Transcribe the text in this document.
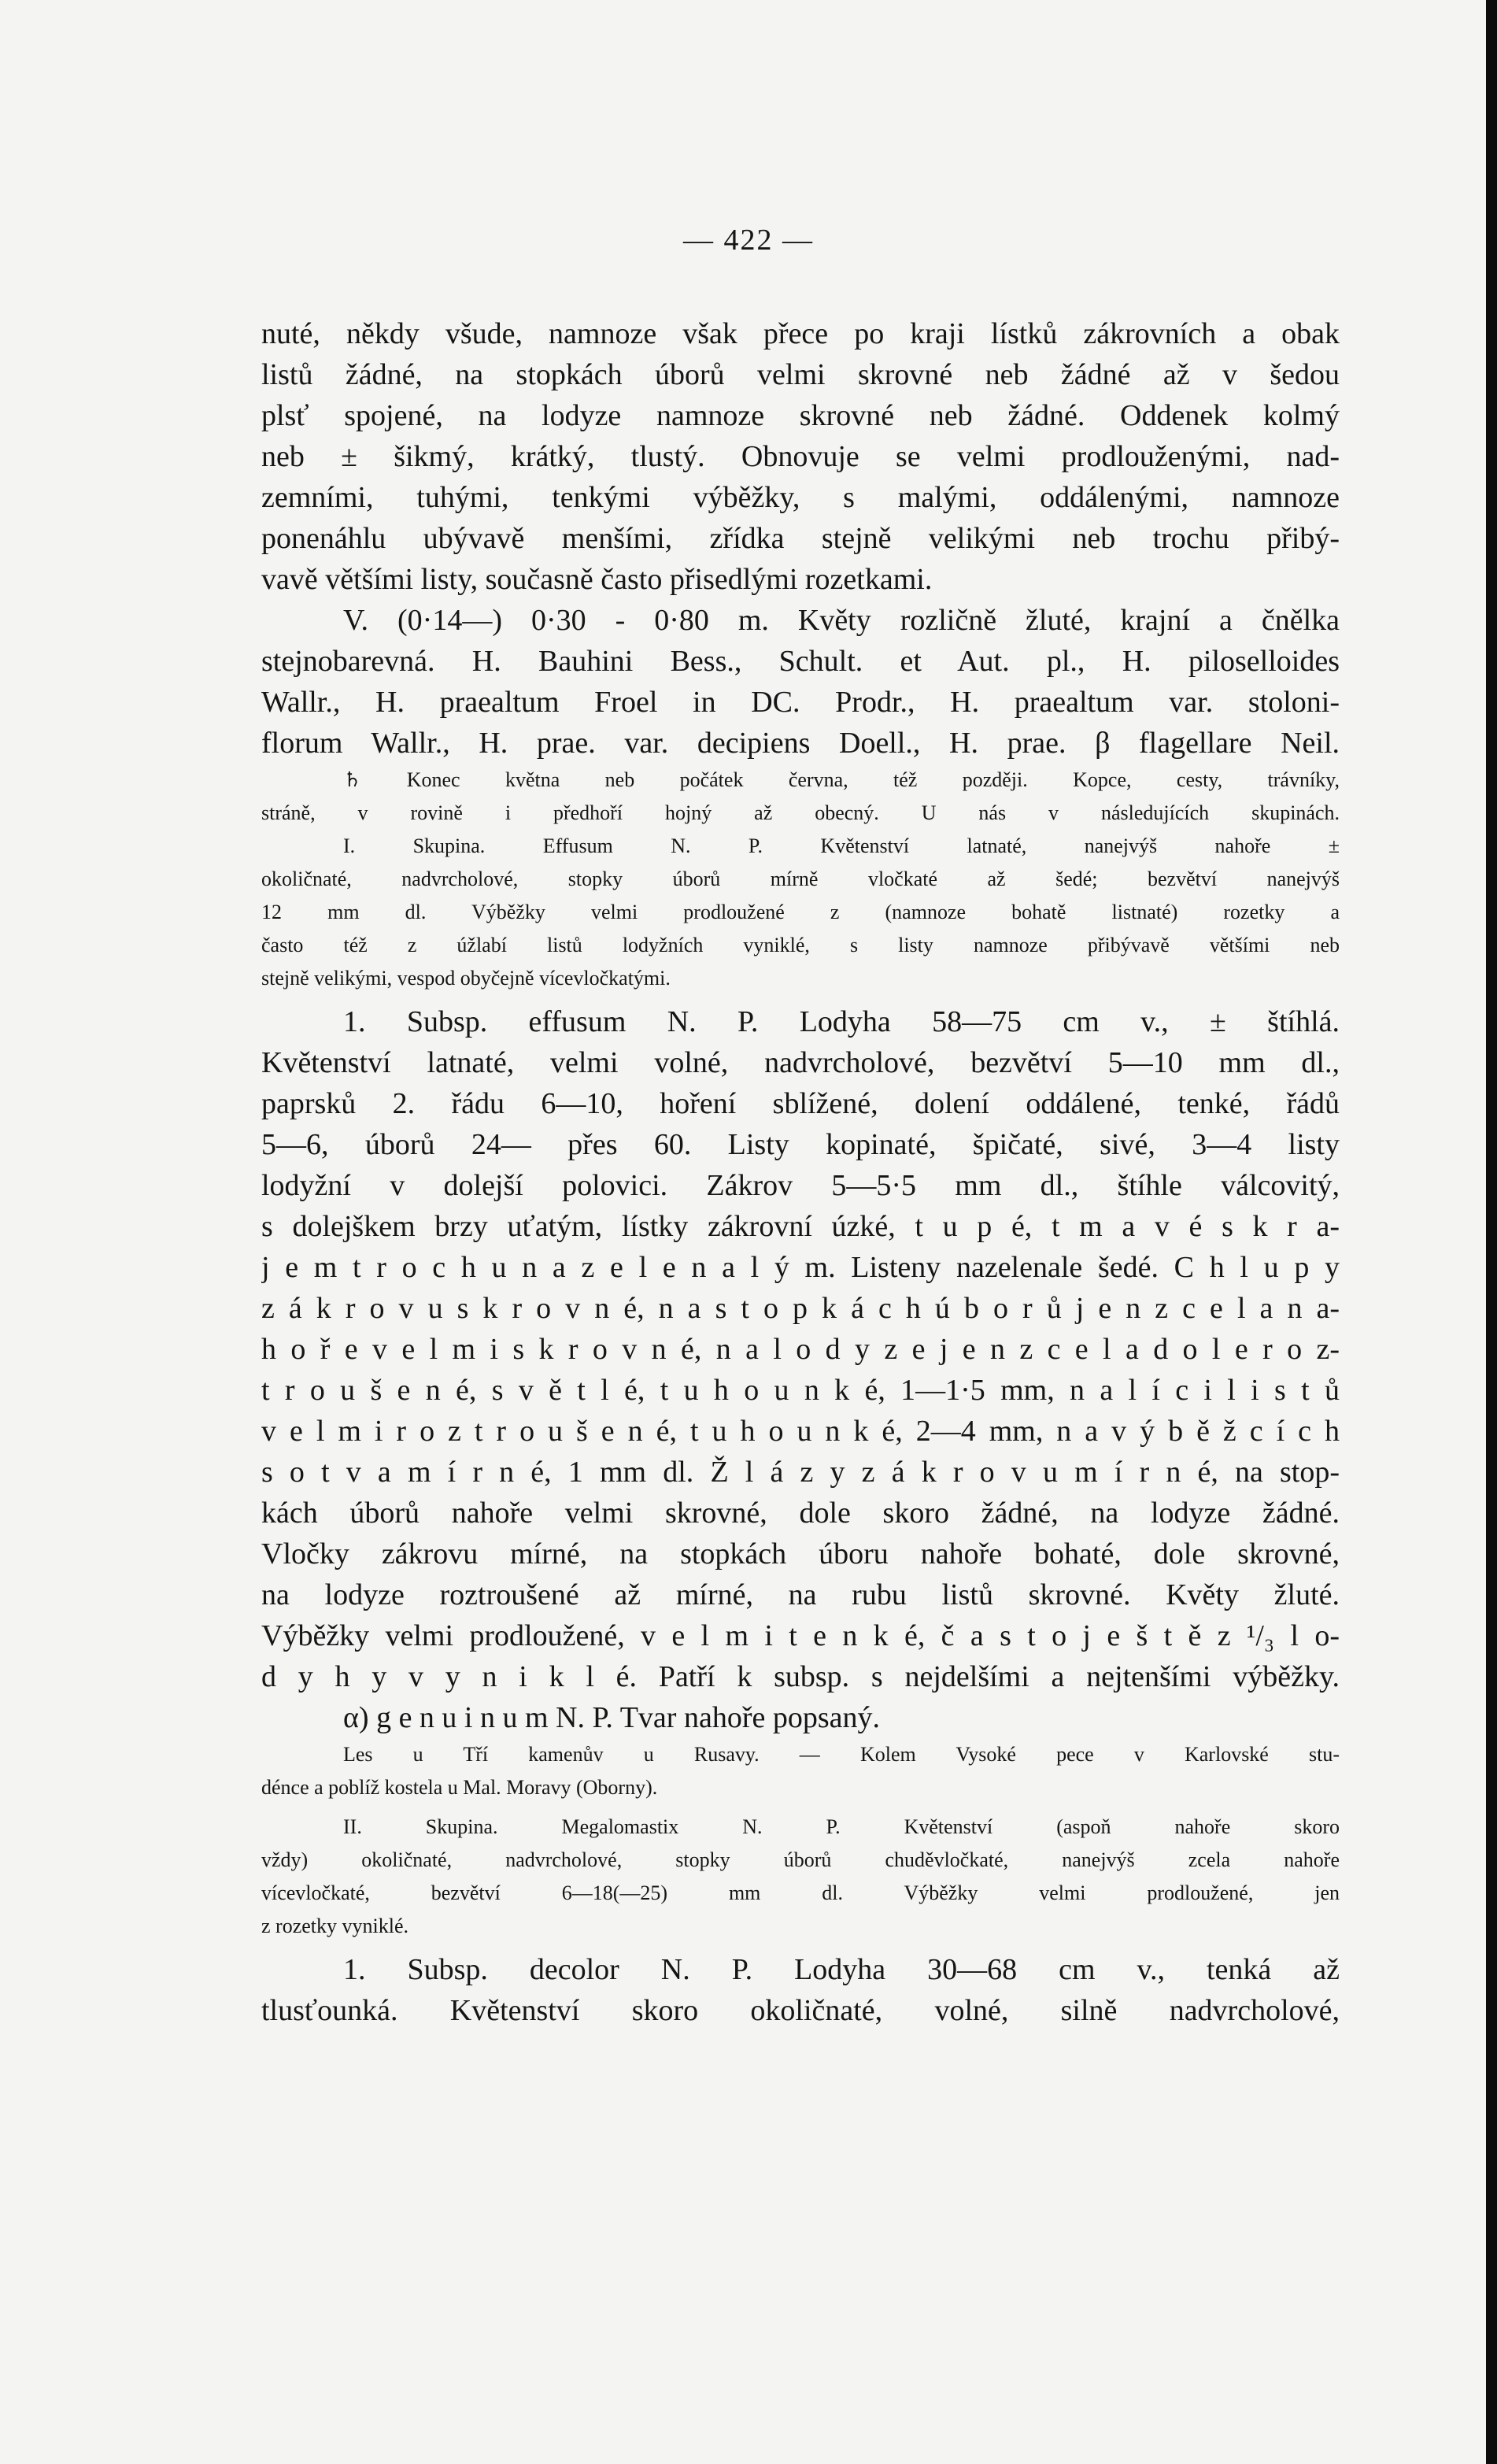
— 422 —
nuté, někdy všude, namnoze však přece po kraji lístků zákrovních a obak
listů žádné, na stopkách úborů velmi skrovné neb žádné až v šedou
plsť spojené, na lodyze namnoze skrovné neb žádné. Oddenek kolmý
neb ± šikmý, krátký, tlustý. Obnovuje se velmi prodlouženými, nad-
zemními, tuhými, tenkými výběžky, s malými, oddálenými, namnoze
ponenáhlu ubývavě menšími, zřídka stejně velikými neb trochu přibý-
vavě většími listy, současně často přisedlými rozetkami.
V. (0·14—) 0·30 - 0·80 m. Květy rozličně žluté, krajní a čnělka
stejnobarevná. H. Bauhini Bess., Schult. et Aut. pl., H. piloselloides
Wallr., H. praealtum Froel in DC. Prodr., H. praealtum var. stoloni-
florum Wallr., H. prae. var. decipiens Doell., H. prae. β flagellare Neil.
♄ Konec května neb počátek června, též později. Kopce, cesty, trávníky,
stráně, v rovině i předhoří hojný až obecný. U nás v následujících skupinách.
I. Skupina. Effusum N. P. Květenství latnaté, nanejvýš nahoře ±
okoličnaté, nadvrcholové, stopky úborů mírně vločkaté až šedé; bezvětví nanejvýš
12 mm dl. Výběžky velmi prodloužené z (namnoze bohatě listnaté) rozetky a
často též z úžlabí listů lodyžních vyniklé, s listy namnoze přibývavě většími neb
stejně velikými, vespod obyčejně vícevločkatými.
1. Subsp. effusum N. P. Lodyha 58—75 cm v., ± štíhlá.
Květenství latnaté, velmi volné, nadvrcholové, bezvětví 5—10 mm dl.,
paprsků 2. řádu 6—10, hoření sblížené, dolení oddálené, tenké, řádů
5—6, úborů 24— přes 60. Listy kopinaté, špičaté, sivé, 3—4 listy
lodyžní v dolejší polovici. Zákrov 5—5·5 mm dl., štíhle válcovitý,
s dolejškem brzy uťatým, lístky zákrovní úzké, t u p é, t m a v é s k r a-
j e m t r o c h u n a z e l e n a l ý m. Listeny nazelenale šedé. C h l u p y
z á k r o v u s k r o v n é, n a s t o p k á c h ú b o r ů j e n z c e l a n a-
h o ř e v e l m i s k r o v n é, n a l o d y z e j e n z c e l a d o l e r o z-
t r o u š e n é, s v ě t l é, t u h o u n k é, 1—1·5 mm, n a l í c i l i s t ů
v e l m i r o z t r o u š e n é, t u h o u n k é, 2—4 mm, n a v ý b ě ž c í c h
s o t v a m í r n é, 1 mm dl. Ž l á z y z á k r o v u m í r n é, na stop-
kách úborů nahoře velmi skrovné, dole skoro žádné, na lodyze žádné.
Vločky zákrovu mírné, na stopkách úboru nahoře bohaté, dole skrovné,
na lodyze roztroušené až mírné, na rubu listů skrovné. Květy žluté.
Výběžky velmi prodloužené, v e l m i t e n k é, č a s t o j e š t ě z ¹/₃ l o-
d y h y v y n i k l é. Patří k subsp. s nejdelšími a nejtenšími výběžky.
α) g e n u i n u m N. P. Tvar nahoře popsaný.
Les u Tří kamenův u Rusavy. — Kolem Vysoké pece v Karlovské stu-
dénce a poblíž kostela u Mal. Moravy (Oborny).
II. Skupina. Megalomastix N. P. Květenství (aspoň nahoře skoro
vždy) okoličnaté, nadvrcholové, stopky úborů chuděvločkaté, nanejvýš zcela nahoře
vícevločkaté, bezvětví 6—18(—25) mm dl. Výběžky velmi prodloužené, jen
z rozetky vyniklé.
1. Subsp. decolor N. P. Lodyha 30—68 cm v., tenká až
tlusťounká. Květenství skoro okoličnaté, volné, silně nadvrcholové,
